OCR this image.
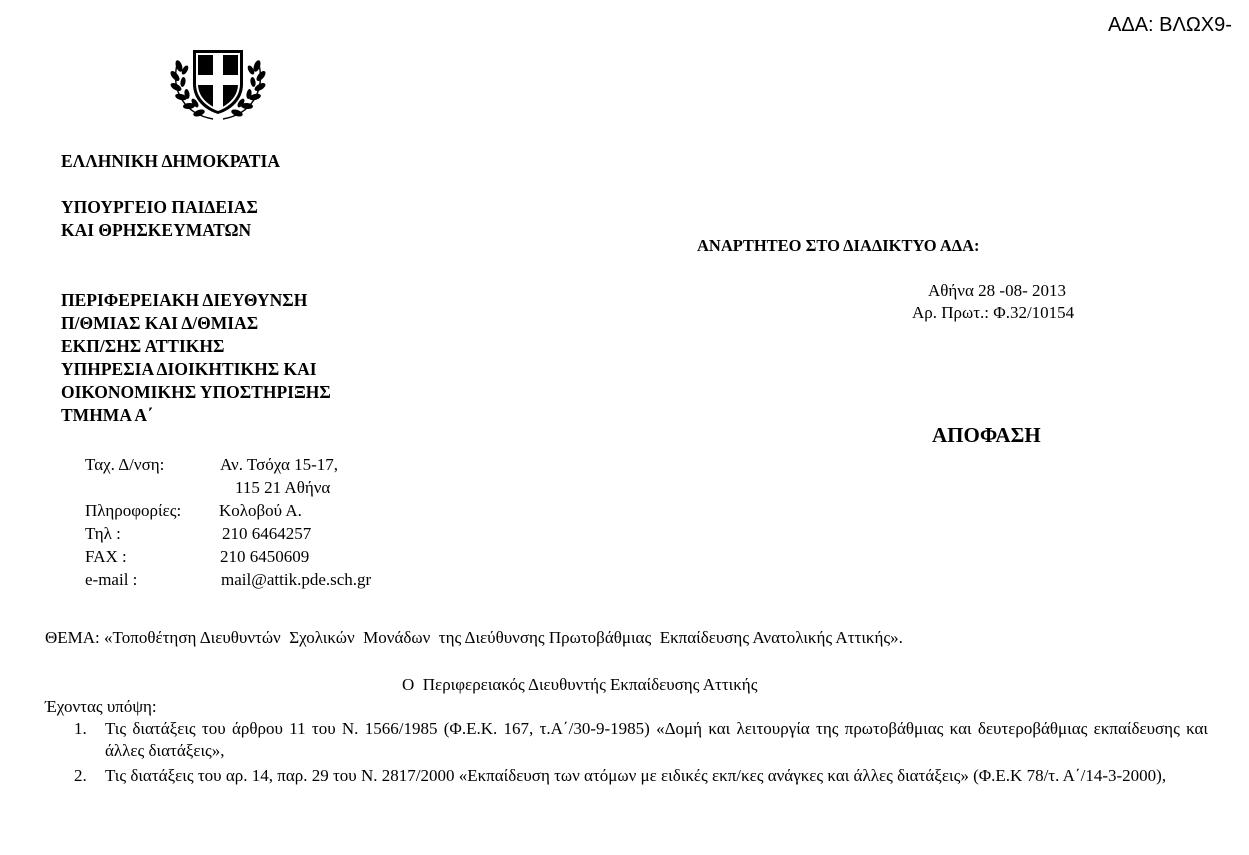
ΑΔΑ: ΒΛΩΧ9-
ΕΛΛΗΝΙΚΗ ΔΗΜΟΚΡΑΤΙΑ
ΥΠΟΥΡΓΕΙΟ ΠΑΙΔΕΙΑΣ
ΚΑΙ ΘΡΗΣΚΕΥΜΑΤΩΝ
ΠΕΡΙΦΕΡΕΙΑΚΗ ΔΙΕΥΘΥΝΣΗ
Π/ΘΜΙΑΣ ΚΑΙ Δ/ΘΜΙΑΣ
ΕΚΠ/ΣΗΣ ΑΤΤΙΚΗΣ
ΥΠΗΡΕΣΙΑ ΔΙΟΙΚΗΤΙΚΗΣ ΚΑΙ
ΟΙΚΟΝΟΜΙΚΗΣ ΥΠΟΣΤΗΡΙΞΗΣ
ΤΜΗΜΑ Α΄
ΑΝΑΡΤΗΤΕΟ ΣΤΟ ΔΙΑΔΙΚΤΥΟ ΑΔΑ:
Αθήνα 28 -08- 2013
Αρ. Πρωτ.: Φ.32/10154
ΑΠΟΦΑΣΗ
Ταχ. Δ/νση:	Αν. Τσόχα 15-17,
115 21 Αθήνα
Πληροφορίες: Κολοβού Α.
Τηλ :	210 6464257
FAX :	210 6450609
e-mail :	mail@attik.pde.sch.gr
ΘΕΜΑ: «Τοποθέτηση Διευθυντών  Σχολικών  Μονάδων  της Διεύθυνσης Πρωτοβάθμιας  Εκπαίδευσης Ανατολικής Αττικής».
Ο  Περιφερειακός Διευθυντής Εκπαίδευσης Αττικής
Έχοντας υπόψη:
1. Τις διατάξεις του άρθρου 11 του Ν. 1566/1985 (Φ.Ε.Κ. 167, τ.Α΄/30-9-1985) «Δομή και λειτουργία της πρωτοβάθμιας και δευτεροβάθμιας εκπαίδευσης και άλλες διατάξεις»,
2. Τις διατάξεις του αρ. 14, παρ. 29 του Ν. 2817/2000 «Εκπαίδευση των ατόμων με ειδικές εκπ/κες ανάγκες και άλλες διατάξεις» (Φ.Ε.Κ 78/τ. Α΄/14-3-2000),
